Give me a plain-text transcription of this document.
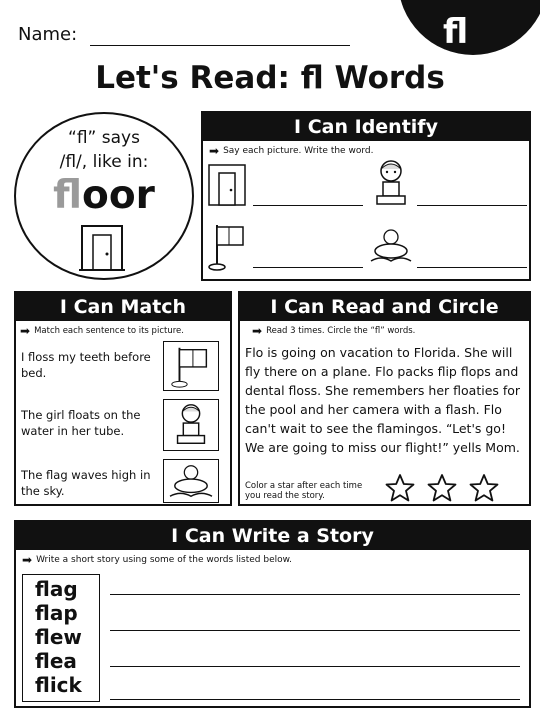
Name:	fl
Let's Read: fl Words
“fl” says
/fl/, like in:
floor
I Can Identify
➡ Say each picture. Write the word.
I Can Match
➡ Match each sentence to its picture.
I floss my teeth before bed.
The girl floats on the water in her tube.
The flag waves high in the sky.
I Can Read and Circle
➡ Read 3 times. Circle the “fl” words.
Flo is going on vacation to Florida. She will fly there on a plane. Flo packs flip flops and dental floss. She remembers her floaties for the pool and her camera with a flash. Flo can't wait to see the flamingos. “Let's go! We are going to miss our flight!” yells Mom.
Color a star after each time you read the story.
I Can Write a Story
➡ Write a short story using some of the words listed below.
flag
flap
flew
flea
flick
